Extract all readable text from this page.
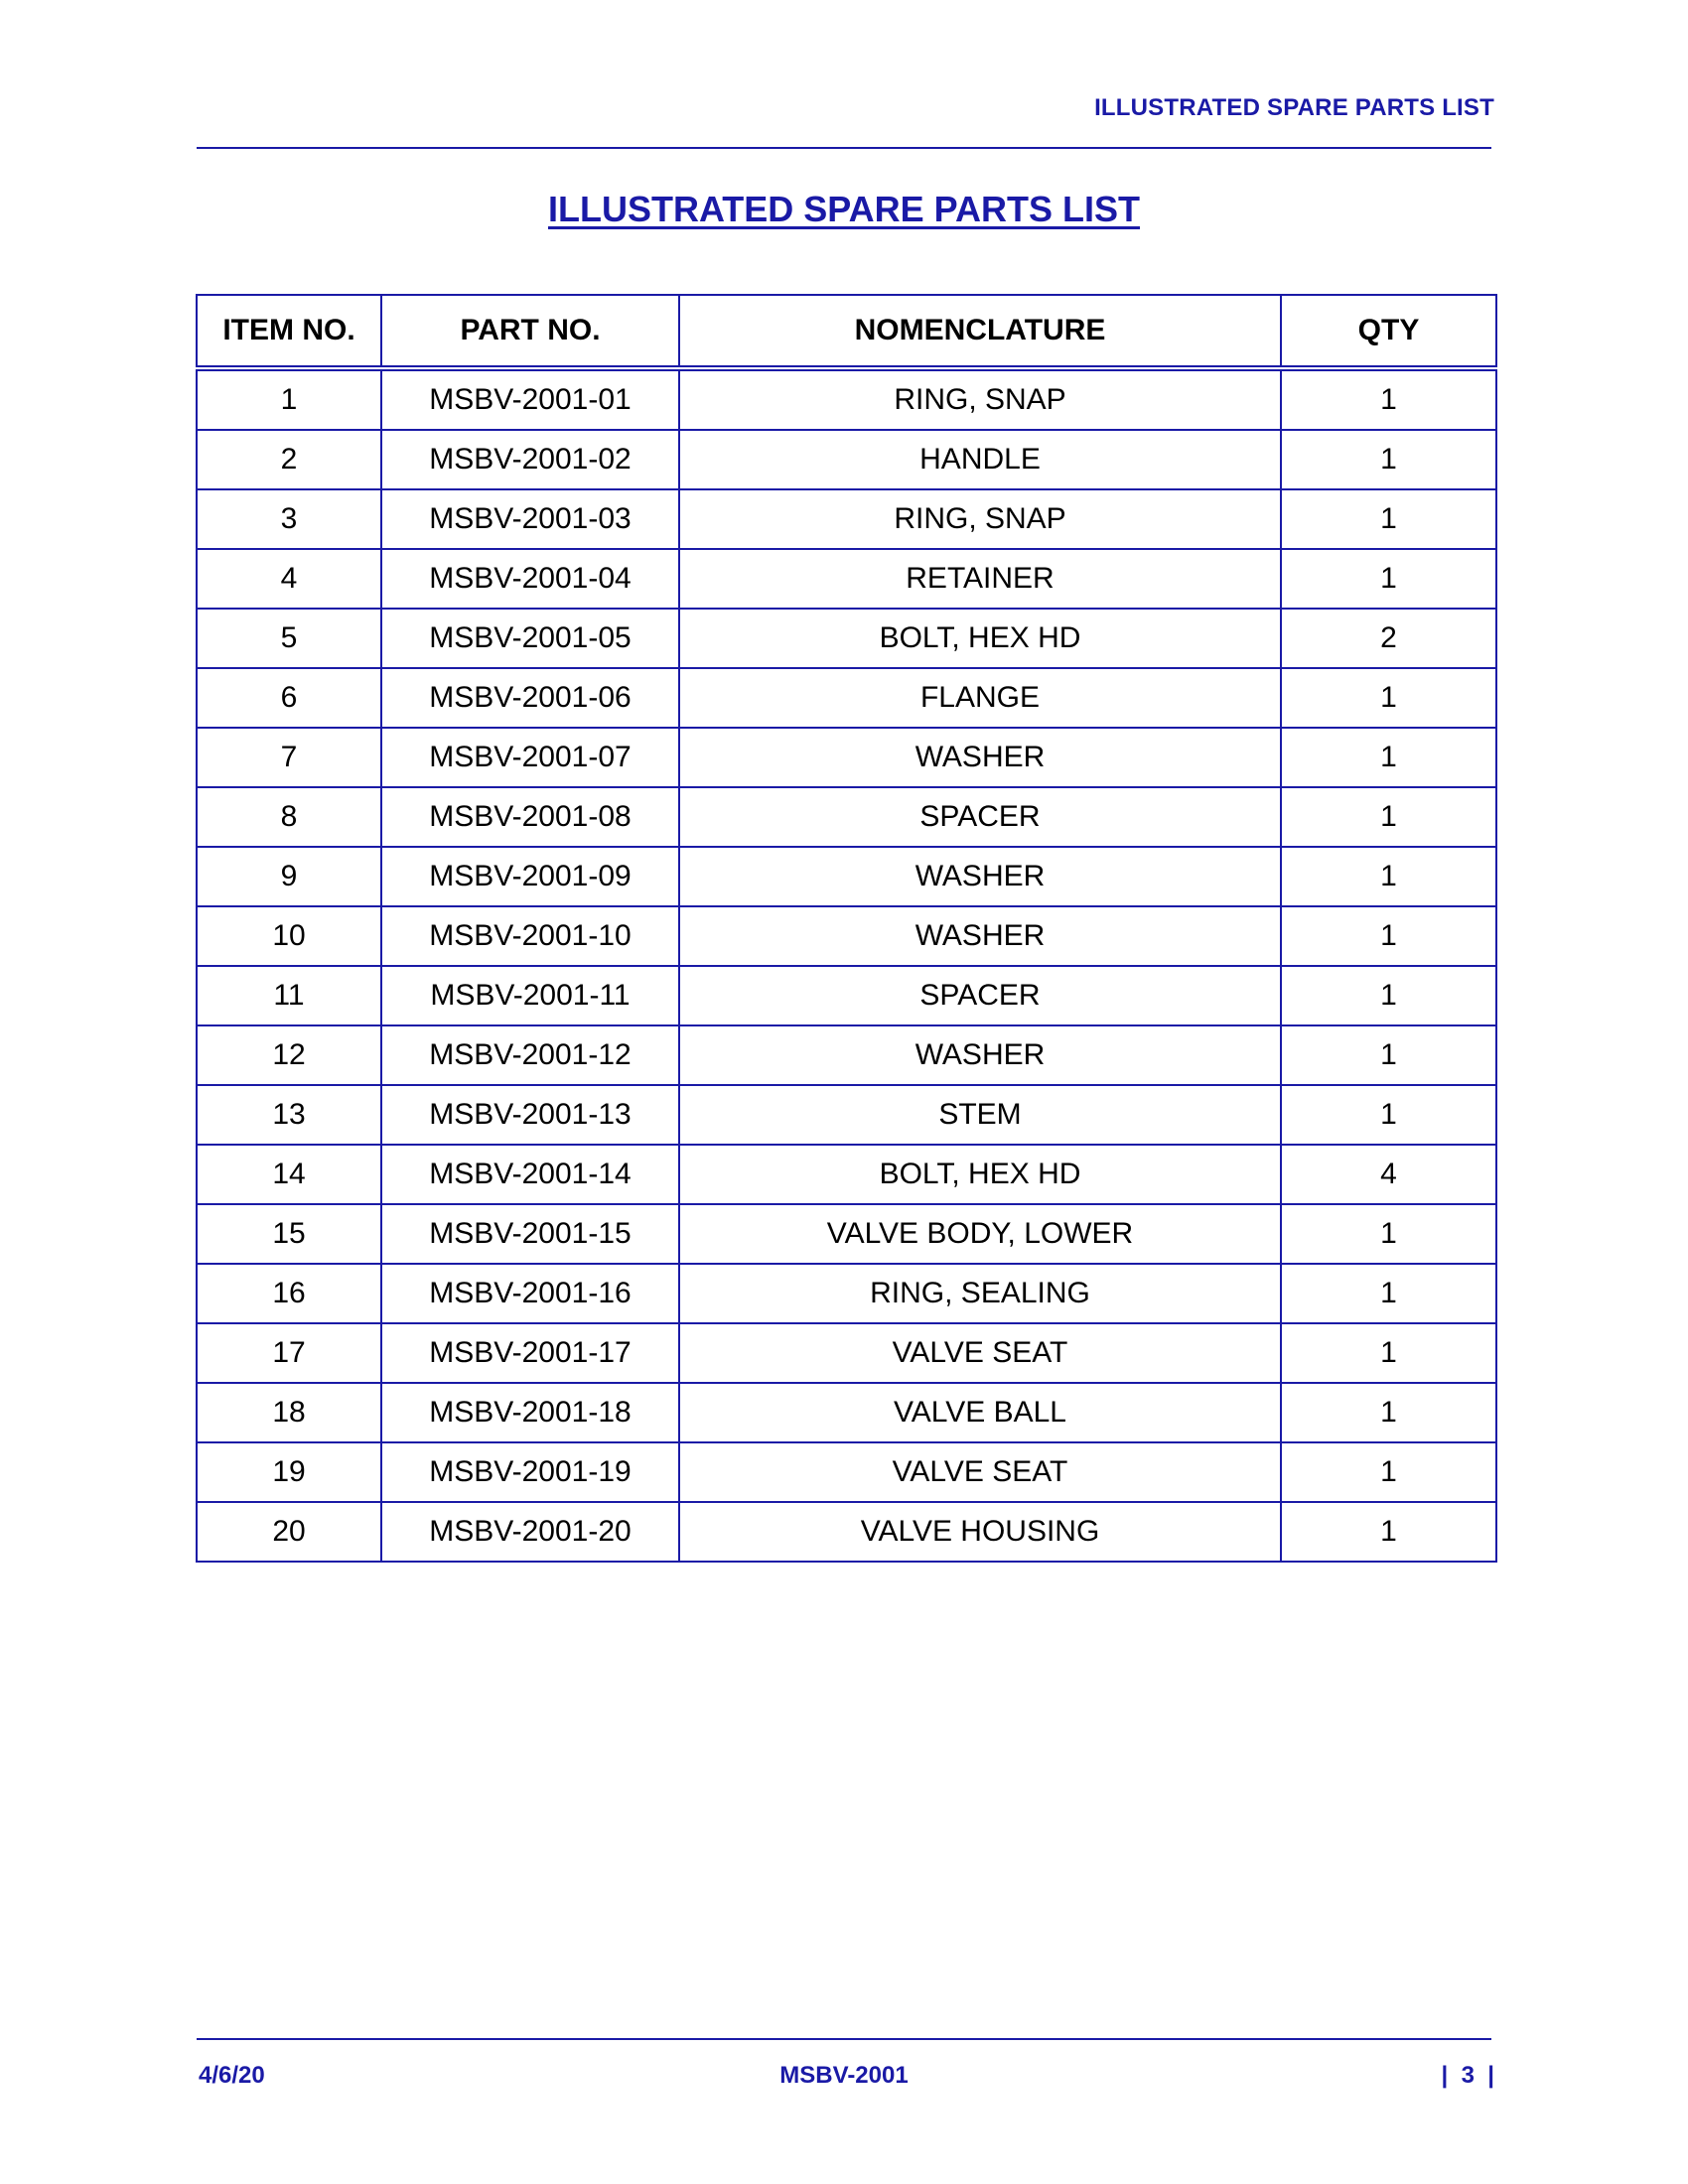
ILLUSTRATED SPARE PARTS LIST
ILLUSTRATED SPARE PARTS LIST
ITEM NO.	PART NO.	NOMENCLATURE	QTY
1	MSBV-2001-01	RING, SNAP	1
2	MSBV-2001-02	HANDLE	1
3	MSBV-2001-03	RING, SNAP	1
4	MSBV-2001-04	RETAINER	1
5	MSBV-2001-05	BOLT, HEX HD	2
6	MSBV-2001-06	FLANGE	1
7	MSBV-2001-07	WASHER	1
8	MSBV-2001-08	SPACER	1
9	MSBV-2001-09	WASHER	1
10	MSBV-2001-10	WASHER	1
11	MSBV-2001-11	SPACER	1
12	MSBV-2001-12	WASHER	1
13	MSBV-2001-13	STEM	1
14	MSBV-2001-14	BOLT, HEX HD	4
15	MSBV-2001-15	VALVE BODY, LOWER	1
16	MSBV-2001-16	RING, SEALING	1
17	MSBV-2001-17	VALVE SEAT	1
18	MSBV-2001-18	VALVE BALL	1
19	MSBV-2001-19	VALVE SEAT	1
20	MSBV-2001-20	VALVE HOUSING	1
4/6/20	MSBV-2001	|  3  |
